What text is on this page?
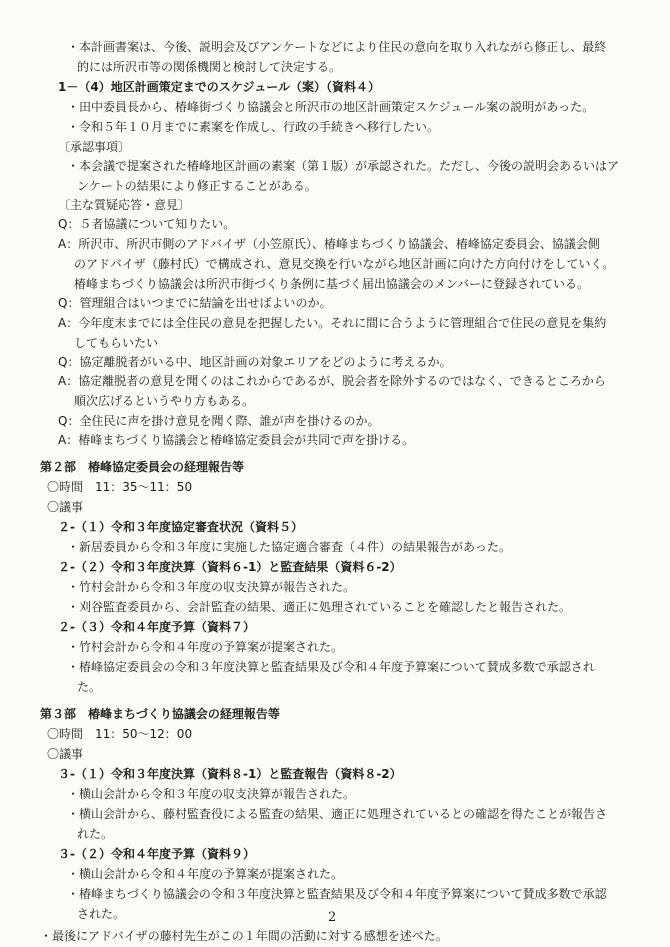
・本計画書案は、今後、説明会及びアンケートなどにより住民の意向を取り入れながら修正し、最終
的には所沢市等の関係機関と検討して決定する。
1－（4）地区計画策定までのスケジュール（案）（資料４）
・田中委員長から、椿峰街づくり協議会と所沢市の地区計画策定スケジュール案の説明があった。
・令和５年１０月までに素案を作成し、行政の手続きへ移行したい。
〔承認事項〕
・本会議で提案された椿峰地区計画の素案（第１版）が承認された。ただし、今後の説明会あるいはア
ンケートの結果により修正することがある。
〔主な質疑応答・意見〕
Q：５者協議について知りたい。
A：所沢市、所沢市側のアドバイザ（小笠原氏）、椿峰まちづくり協議会、椿峰協定委員会、協議会側
のアドバイザ（藤村氏）で構成され、意見交換を行いながら地区計画に向けた方向付けをしていく。
椿峰まちづくり協議会は所沢市街づくり条例に基づく届出協議会のメンバーに登録されている。
Q：管理組合はいつまでに結論を出せばよいのか。
A：今年度末までには全住民の意見を把握したい。それに間に合うように管理組合で住民の意見を集約
してもらいたい
Q：協定離脱者がいる中、地区計画の対象エリアをどのように考えるか。
A：協定離脱者の意見を聞くのはこれからであるが、脱会者を除外するのではなく、できるところから
順次広げるというやり方もある。
Q：全住民に声を掛け意見を聞く際、誰が声を掛けるのか。
A：椿峰まちづくり協議会と椿峰協定委員会が共同で声を掛ける。
第２部　椿峰協定委員会の経理報告等
〇時間　11：35～11：50
〇議事
２-（１）令和３年度協定審査状況（資料５）
・新居委員から令和３年度に実施した協定適合審査（４件）の結果報告があった。
２-（２）令和３年度決算（資料６-1）と監査結果（資料６-2）
・竹村会計から令和３年度の収支決算が報告された。
・刈谷監査委員から、会計監査の結果、適正に処理されていることを確認したと報告された。
２-（３）令和４年度予算（資料７）
・竹村会計から令和４年度の予算案が提案された。
・椿峰協定委員会の令和３年度決算と監査結果及び令和４年度予算案について賛成多数で承認され
た。
第３部　椿峰まちづくり協議会の経理報告等
〇時間　11：50～12：00
〇議事
３-（１）令和３年度決算（資料８-1）と監査報告（資料８-2）
・横山会計から令和３年度の収支決算が報告された。
・横山会計から、藤村監査役による監査の結果、適正に処理されているとの確認を得たことが報告さ
れた。
３-（２）令和４年度予算（資料９）
・横山会計から令和４年度の予算案が提案された。
・椿峰まちづくり協議会の令和３年度決算と監査結果及び令和４年度予算案について賛成多数で承認
された。
・最後にアドバイザの藤村先生がこの１年間の活動に対する感想を述べた。
2
